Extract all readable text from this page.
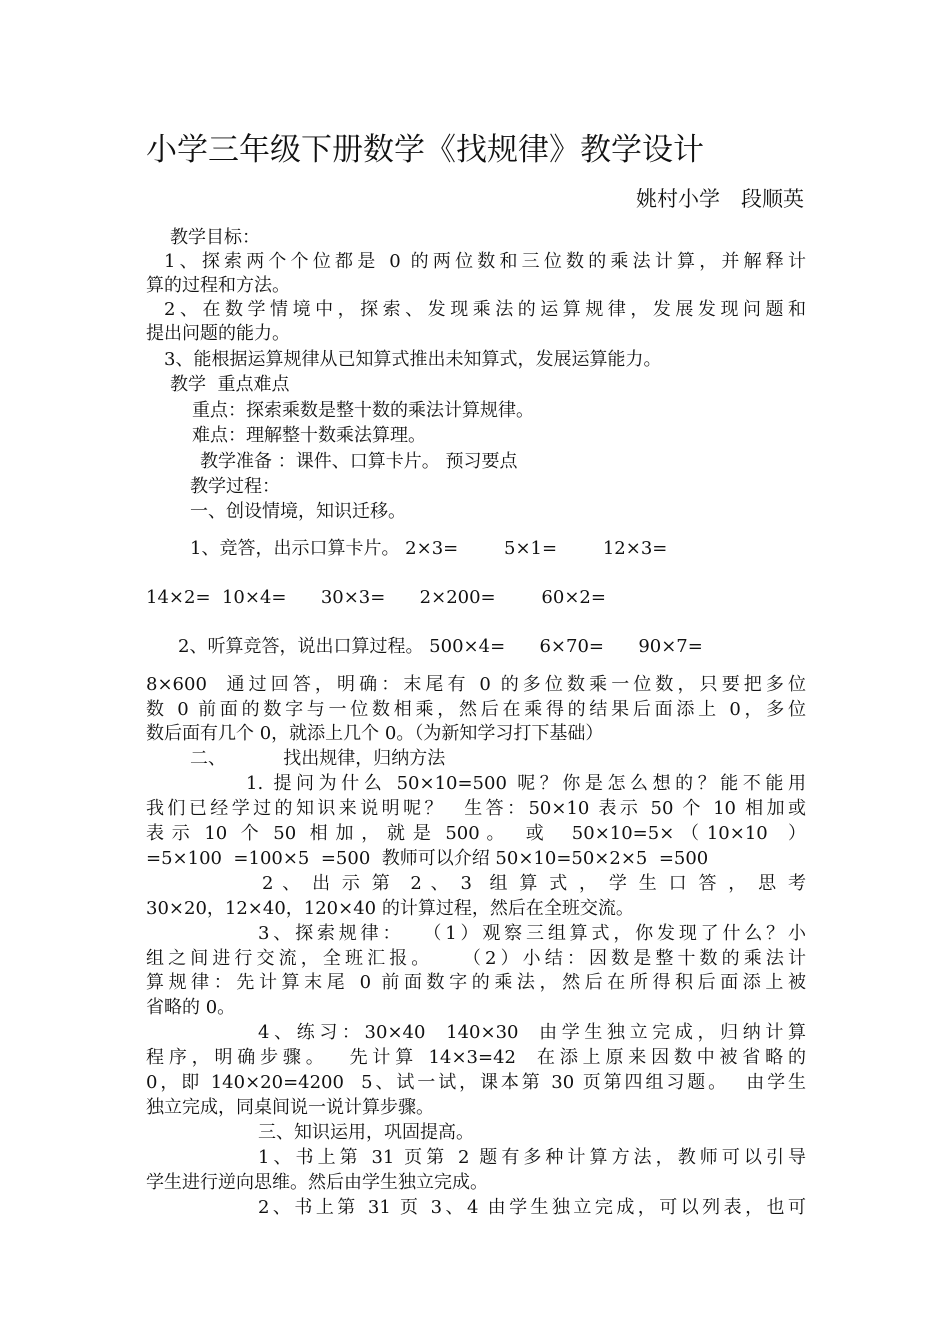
小学三年级下册数学《找规律》教学设计
姚村小学　段顺英
教学目标：
1、探索两个个位都是 0 的两位数和三位数的乘法计算，并解释计
算的过程和方法。
2、在数学情境中，探索、发现乘法的运算规律，发展发现问题和
提出问题的能力。
3、能根据运算规律从已知算式推出未知算式，发展运算能力。
教学  重点难点
重点：探索乘数是整十数的乘法计算规律。
难点：理解整十数乘法算理。
教学准备 ：课件、口算卡片。 预习要点
教学过程：
一、创设情境，知识迁移。
1、竞答，出示口算卡片。 2×3=        5×1=        12×3=
14×2=  10×4=      30×3=      2×200=        60×2=
2、听算竞答，说出口算过程。 500×4=      6×70=      90×7=
8×600  通过回答，明确：末尾有 0 的多位数乘一位数，只要把多位
数 0 前面的数字与一位数相乘，然后在乘得的结果后面添上 0，多位
数后面有几个 0，就添上几个 0。（为新知学习打下基础）
二、          找出规律，归纳方法
1. 提问为什么 50×10=500 呢？你是怎么想的？能不能用
我们已经学过的知识来说明呢？  生答：50×10 表示 50 个 10 相加或
表 示  10  个  50  相 加 ， 就 是  500 。   或    50×10=5× （ 10×10   ）
=5×100  =100×5  =500  教师可以介绍 50×10=50×2×5  =500
2 、 出 示 第  2 、 3  组 算 式 ， 学 生 口 答 ， 思 考
30×20，12×40，120×40 的计算过程，然后在全班交流。
3、探索规律：  （1）观察三组算式，你发现了什么？小
组之间进行交流，全班汇报。   （2）小结：因数是整十数的乘法计
算规律：先计算末尾 0 前面数字的乘法，然后在所得积后面添上被
省略的 0。
4、练习：30×40  140×30  由学生独立完成，归纳计算
程序，明确步骤。  先计算 14×3=42  在添上原来因数中被省略的
0，即 140×20=4200  5、试一试，课本第 30 页第四组习题。  由学生
独立完成，同桌间说一说计算步骤。
三、知识运用，巩固提高。
1、书上第 31 页第 2 题有多种计算方法，教师可以引导
学生进行逆向思维。然后由学生独立完成。
2、书上第 31 页 3、4 由学生独立完成，可以列表，也可
